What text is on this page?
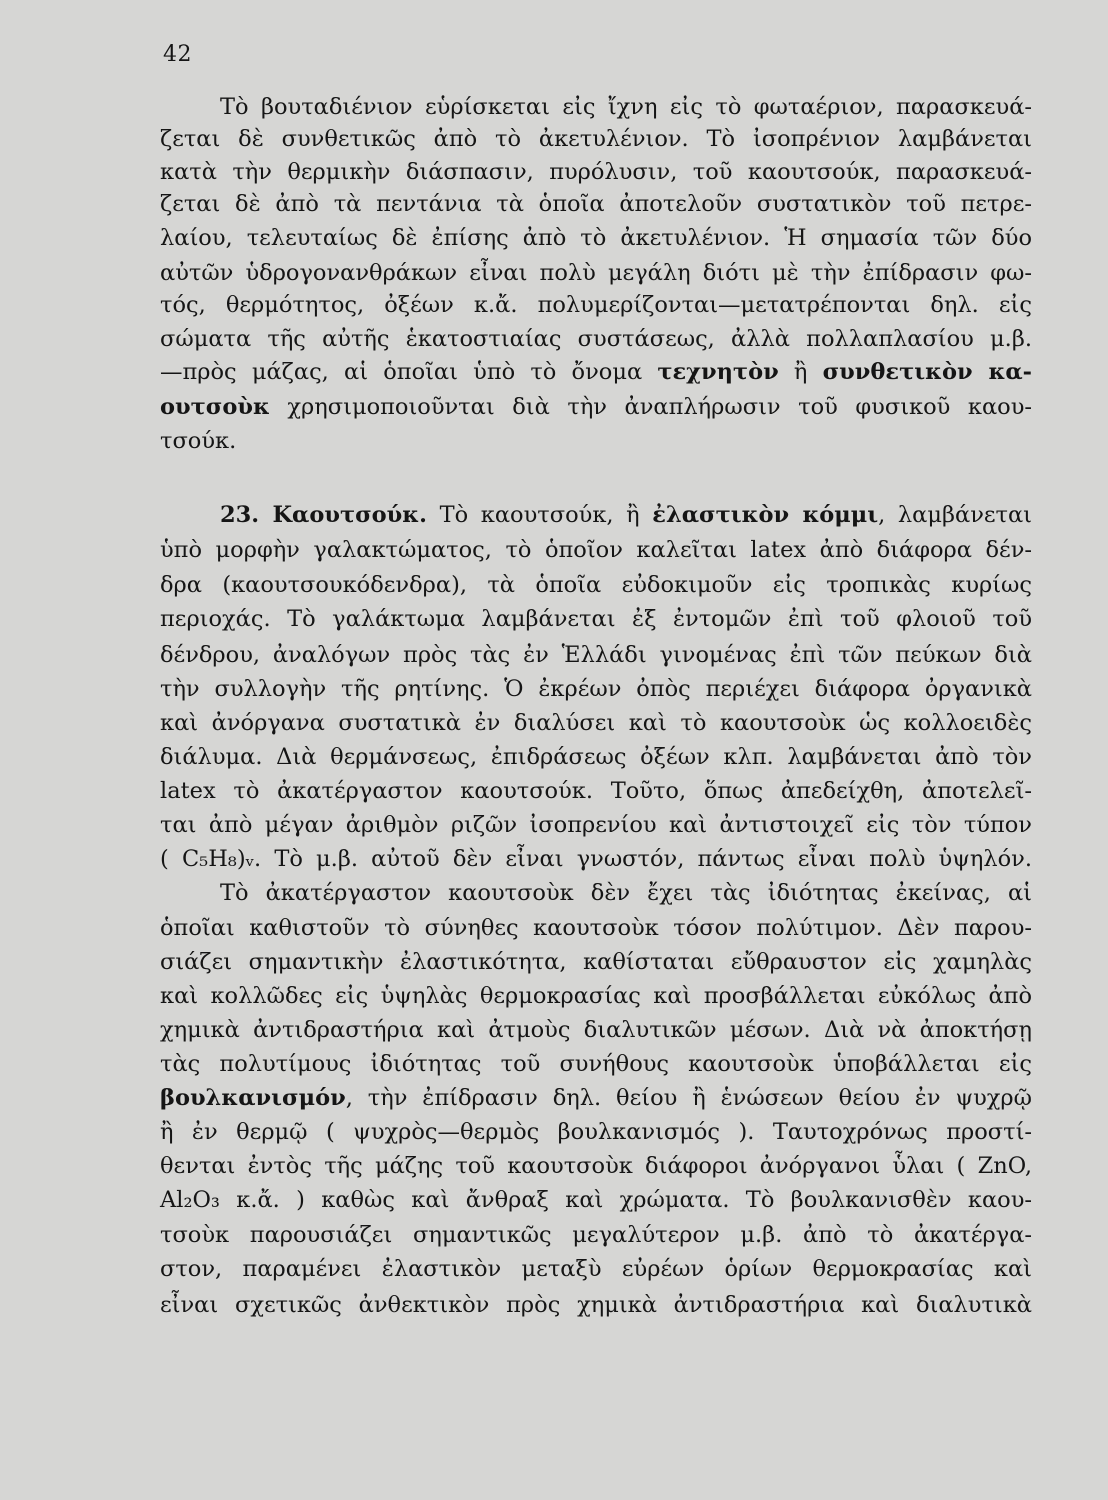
42
Τὸ βουταδιένιον εὑρίσκεται εἰς ἴχνη εἰς τὸ φωταέριον, παρασκευά-
ζεται δὲ συνθετικῶς ἀπὸ τὸ ἀκετυλένιον. Τὸ ἰσοπρένιον λαμβάνεται
κατὰ τὴν θερμικὴν διάσπασιν, πυρόλυσιν, τοῦ καουτσούκ, παρασκευά-
ζεται δὲ ἀπὸ τὰ πεντάνια τὰ ὁποῖα ἀποτελοῦν συστατικὸν τοῦ πετρε-
λαίου, τελευταίως δὲ ἐπίσης ἀπὸ τὸ ἀκετυλένιον. Ἡ σημασία τῶν δύο
αὐτῶν ὑδρογονανθράκων εἶναι πολὺ μεγάλη διότι μὲ τὴν ἐπίδρασιν φω-
τός, θερμότητος, ὀξέων κ.ἄ. πολυμερίζονται—μετατρέπονται δηλ. εἰς
σώματα τῆς αὐτῆς ἑκατοστιαίας συστάσεως, ἀλλὰ πολλαπλασίου μ.β.
—πρὸς μάζας, αἱ ὁποῖαι ὑπὸ τὸ ὄνομα τεχνητὸν ἢ συνθετικὸν κα-
ουτσοὺκ χρησιμοποιοῦνται διὰ τὴν ἀναπλήρωσιν τοῦ φυσικοῦ καου-
τσούκ.
23. Καουτσούκ. Τὸ καουτσούκ, ἢ ἐλαστικὸν κόμμι, λαμβάνεται
ὑπὸ μορφὴν γαλακτώματος, τὸ ὁποῖον καλεῖται latex ἀπὸ διάφορα δέν-
δρα (καουτσουκόδενδρα), τὰ ὁποῖα εὐδοκιμοῦν εἰς τροπικὰς κυρίως
περιοχάς. Τὸ γαλάκτωμα λαμβάνεται ἐξ ἐντομῶν ἐπὶ τοῦ φλοιοῦ τοῦ
δένδρου, ἀναλόγων πρὸς τὰς ἐν Ἑλλάδι γινομένας ἐπὶ τῶν πεύκων διὰ
τὴν συλλογὴν τῆς ρητίνης. Ὁ ἐκρέων ὀπὸς περιέχει διάφορα ὀργανικὰ
καὶ ἀνόργανα συστατικὰ ἐν διαλύσει καὶ τὸ καουτσοὺκ ὡς κολλοειδὲς
διάλυμα. Διὰ θερμάνσεως, ἐπιδράσεως ὀξέων κλπ. λαμβάνεται ἀπὸ τὸν
latex τὸ ἀκατέργαστον καουτσούκ. Τοῦτο, ὅπως ἀπεδείχθη, ἀποτελεῖ-
ται ἀπὸ μέγαν ἀριθμὸν ριζῶν ἰσοπρενίου καὶ ἀντιστοιχεῖ εἰς τὸν τύπον
( C₅H₈)ᵥ. Τὸ μ.β. αὐτοῦ δὲν εἶναι γνωστόν, πάντως εἶναι πολὺ ὑψηλόν.
Τὸ ἀκατέργαστον καουτσοὺκ δὲν ἔχει τὰς ἰδιότητας ἐκείνας, αἱ
ὁποῖαι καθιστοῦν τὸ σύνηθες καουτσοὺκ τόσον πολύτιμον. Δὲν παρου-
σιάζει σημαντικὴν ἐλαστικότητα, καθίσταται εὔθραυστον εἰς χαμηλὰς
καὶ κολλῶδες εἰς ὑψηλὰς θερμοκρασίας καὶ προσβάλλεται εὐκόλως ἀπὸ
χημικὰ ἀντιδραστήρια καὶ ἀτμοὺς διαλυτικῶν μέσων. Διὰ νὰ ἀποκτήσῃ
τὰς πολυτίμους ἰδιότητας τοῦ συνήθους καουτσοὺκ ὑποβάλλεται εἰς
βουλκανισμόν, τὴν ἐπίδρασιν δηλ. θείου ἢ ἑνώσεων θείου ἐν ψυχρῷ
ἢ ἐν θερμῷ ( ψυχρὸς—θερμὸς βουλκανισμός ). Ταυτοχρόνως προστί-
θενται ἐντὸς τῆς μάζης τοῦ καουτσοὺκ διάφοροι ἀνόργανοι ὗλαι ( ZnO,
Al₂O₃ κ.ἄ. ) καθὼς καὶ ἄνθραξ καὶ χρώματα. Τὸ βουλκανισθὲν καου-
τσοὺκ παρουσιάζει σημαντικῶς μεγαλύτερον μ.β. ἀπὸ τὸ ἀκατέργα-
στον, παραμένει ἐλαστικὸν μεταξὺ εὐρέων ὁρίων θερμοκρασίας καὶ
εἶναι σχετικῶς ἀνθεκτικὸν πρὸς χημικὰ ἀντιδραστήρια καὶ διαλυτικὰ
